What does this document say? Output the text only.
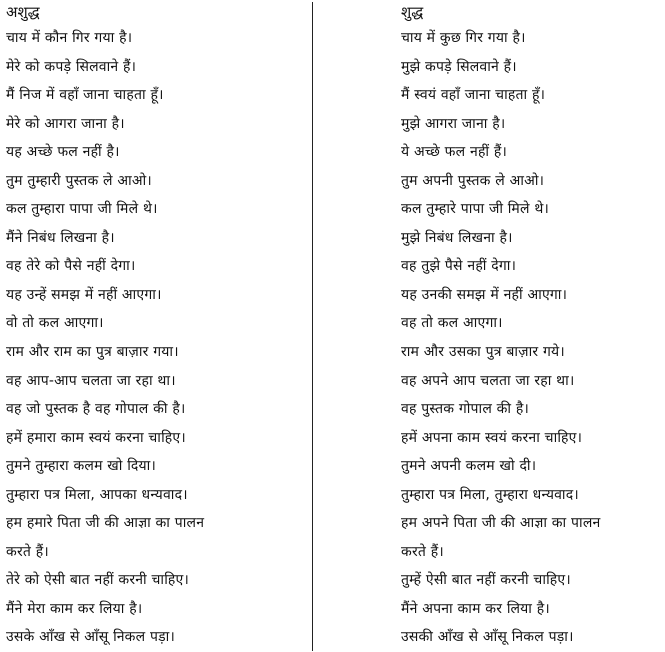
अशुद्ध
चाय में कौन गिर गया है।
मेरे को कपड़े सिलवाने हैं।
मैं निज में वहाँ जाना चाहता हूँ।
मेरे को आगरा जाना है।
यह अच्छे फल नहीं है।
तुम तुम्हारी पुस्तक ले आओ।
कल तुम्हारा पापा जी मिले थे।
मैंने निबंध लिखना है।
वह तेरे को पैसे नहीं देगा।
यह उन्हें समझ में नहीं आएगा।
वो तो कल आएगा।
राम और राम का पुत्र बाज़ार गया।
वह आप-आप चलता जा रहा था।
वह जो पुस्तक है वह गोपाल की है।
हमें हमारा काम स्वयं करना चाहिए।
तुमने तुम्हारा कलम खो दिया।
तुम्हारा पत्र मिला, आपका धन्यवाद।
हम हमारे पिता जी की आज्ञा का पालन
करते हैं।
तेरे को ऐसी बात नहीं करनी चाहिए।
मैंने मेरा काम कर लिया है।
उसके आँख से आँसू निकल पड़ा।
शुद्ध
चाय में कुछ गिर गया है।
मुझे कपड़े सिलवाने हैं।
मैं स्वयं वहाँ जाना चाहता हूँ।
मुझे आगरा जाना है।
ये अच्छे फल नहीं हैं।
तुम अपनी पुस्तक ले आओ।
कल तुम्हारे पापा जी मिले थे।
मुझे निबंध लिखना है।
वह तुझे पैसे नहीं देगा।
यह उनकी समझ में नहीं आएगा।
वह तो कल आएगा।
राम और उसका पुत्र बाज़ार गये।
वह अपने आप चलता जा रहा था।
वह पुस्तक गोपाल की है।
हमें अपना काम स्वयं करना चाहिए।
तुमने अपनी कलम खो दी।
तुम्हारा पत्र मिला, तुम्हारा धन्यवाद।
हम अपने पिता जी की आज्ञा का पालन
करते हैं।
तुम्हें ऐसी बात नहीं करनी चाहिए।
मैंने अपना काम कर लिया है।
उसकी आँख से आँसू निकल पड़ा।
